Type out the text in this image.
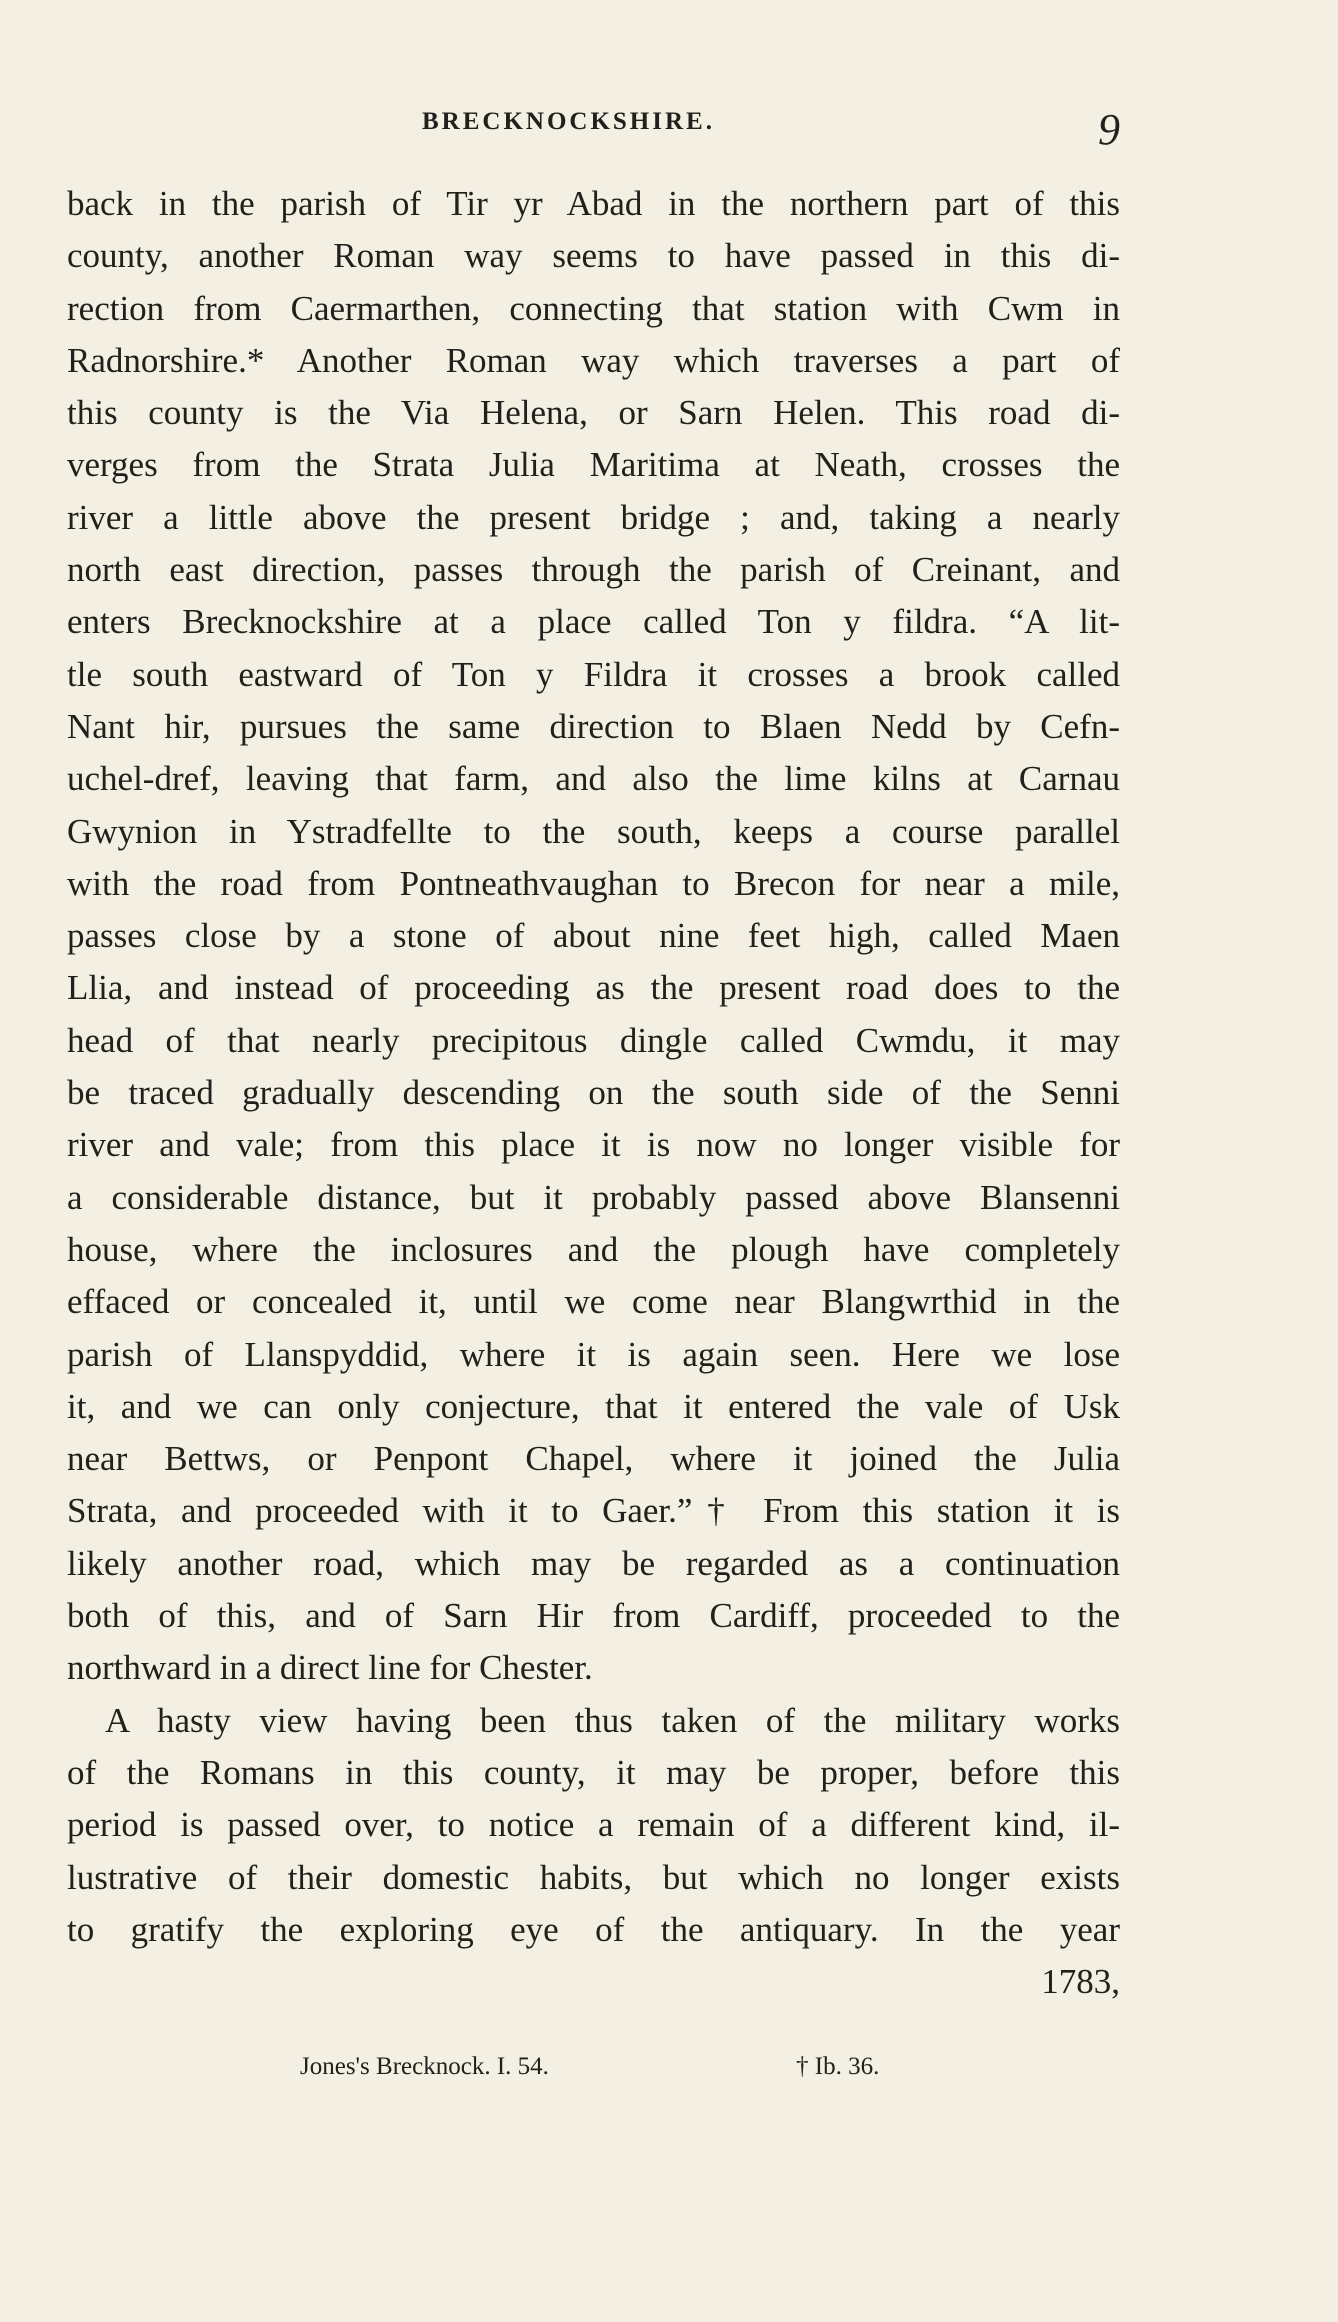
BRECKNOCKSHIRE.	9
back in the parish of Tir yr Abad in the northern part of this
county, another Roman way seems to have passed in this di-
rection from Caermarthen, connecting that station with Cwm in
Radnorshire.* Another Roman way which traverses a part of
this county is the Via Helena, or Sarn Helen. This road di-
verges from the Strata Julia Maritima at Neath, crosses the
river a little above the present bridge ; and, taking a nearly
north east direction, passes through the parish of Creinant, and
enters Brecknockshire at a place called Ton y fildra. “A lit-
tle south eastward of Ton y Fildra it crosses a brook called
Nant hir, pursues the same direction to Blaen Nedd by Cefn-
uchel-dref, leaving that farm, and also the lime kilns at Carnau
Gwynion in Ystradfellte to the south, keeps a course parallel
with the road from Pontneathvaughan to Brecon for near a mile,
passes close by a stone of about nine feet high, called Maen
Llia, and instead of proceeding as the present road does to the
head of that nearly precipitous dingle called Cwmdu, it may
be traced gradually descending on the south side of the Senni
river and vale; from this place it is now no longer visible for
a considerable distance, but it probably passed above Blansenni
house, where the inclosures and the plough have completely
effaced or concealed it, until we come near Blangwrthid in the
parish of Llanspyddid, where it is again seen. Here we lose
it, and we can only conjecture, that it entered the vale of Usk
near Bettws, or Penpont Chapel, where it joined the Julia
Strata, and proceeded with it to Gaer.”† From this station it is
likely another road, which may be regarded as a continuation
both of this, and of Sarn Hir from Cardiff, proceeded to the
northward in a direct line for Chester.
A hasty view having been thus taken of the military works
of the Romans in this county, it may be proper, before this
period is passed over, to notice a remain of a different kind, il-
lustrative of their domestic habits, but which no longer exists
to gratify the exploring eye of the antiquary. In the year
1783,
Jones's Brecknock. I. 54.	† Ib. 36.
